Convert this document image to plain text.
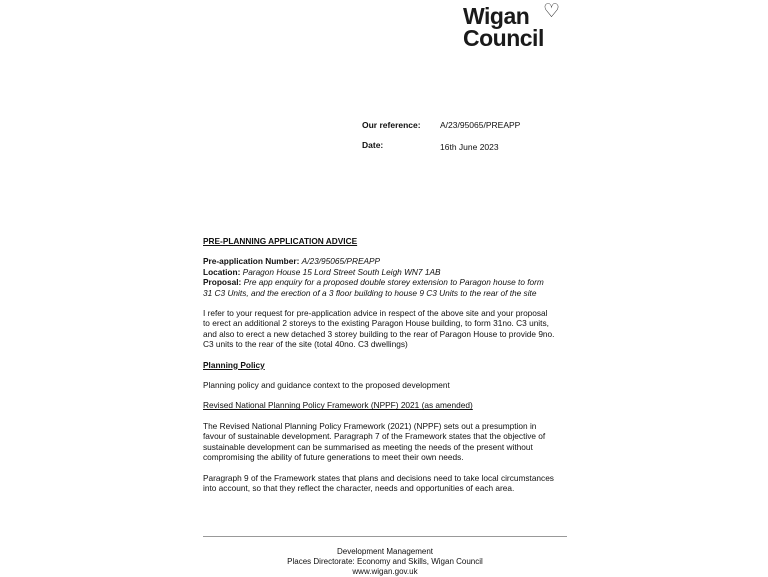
Wigan ♡
Council
Our reference: A/23/95065/PREAPP
Date:	16th June 2023

PRE-PLANNING APPLICATION ADVICE

Pre-application Number: A/23/95065/PREAPP

Location: Paragon House 15 Lord Street South Leigh WN7 1AB

Proposal: Pre app enquiry for a proposed double storey extension to Paragon house to form 31 C3 Units, and the erection of a 3 floor building to house 9 C3 Units to the rear of the site

I refer to your request for pre-application advice in respect of the above site and your proposal to erect an additional 2 storeys to the existing Paragon House building, to form 31no. C3 units, and also to erect a new detached 3 storey building to the rear of Paragon House to provide 9no. C3 units to the rear of the site (total 40no. C3 dwellings)

Planning Policy

Planning policy and guidance context to the proposed development

Revised National Planning Policy Framework (NPPF) 2021 (as amended)

The Revised National Planning Policy Framework (2021) (NPPF) sets out a presumption in favour of sustainable development. Paragraph 7 of the Framework states that the objective of sustainable development can be summarised as meeting the needs of the present without compromising the ability of future generations to meet their own needs.

Paragraph 9 of the Framework states that plans and decisions need to take local circumstances into account, so that they reflect the character, needs and opportunities of each area.

Development Management
Places Directorate: Economy and Skills, Wigan Council
www.wigan.gov.uk
